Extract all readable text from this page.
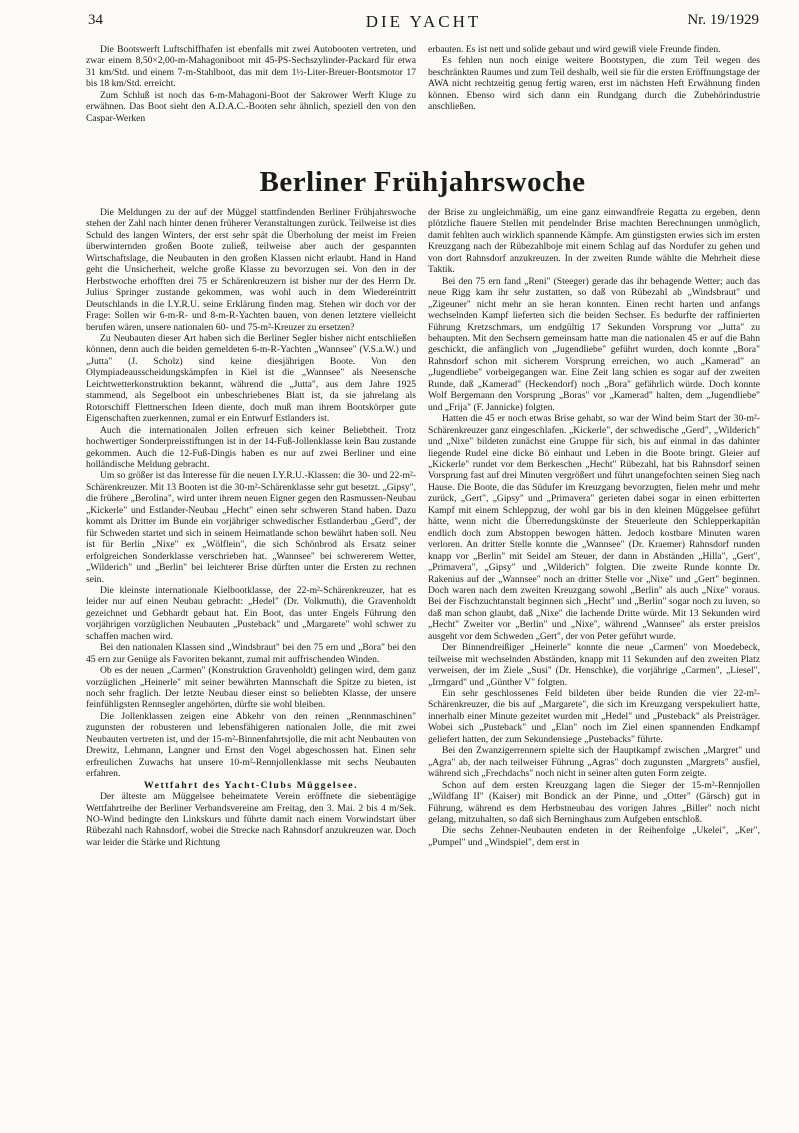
34	DIE YACHT	Nr. 19/1929

Die Bootswerft Luftschiffhafen ist ebenfalls mit zwei Autobooten vertreten, und zwar einem 8,50×2,00-m-Mahagoniboot mit 45-PS-Sechszylinder-Packard für etwa 31 km/Std. und einem 7-m-Stahlboot, das mit dem 1½-Liter-Breuer-Bootsmotor 17 bis 18 km/Std. erreicht.

Zum Schluß ist noch das 6-m-Mahagoni-Boot der Sakrower Werft Kluge zu erwähnen. Das Boot sieht den A.D.A.C.-Booten sehr ähnlich, speziell den von den Caspar-Werken

erbauten. Es ist nett und solide gebaut und wird gewiß viele Freunde finden.

Es fehlen nun noch einige weitere Bootstypen, die zum Teil wegen des beschränkten Raumes und zum Teil deshalb, weil sie für die ersten Eröffnungstage der AWA nicht rechtzeitig genug fertig waren, erst im nächsten Heft Erwähnung finden können. Ebenso wird sich dann ein Rundgang durch die Zubehörindustrie anschließen.

Berliner Frühjahrswoche

Die Meldungen zu der auf der Müggel stattfindenden Berliner Frühjahrswoche stehen der Zahl nach hinter denen früherer Veranstaltungen zurück. Teilweise ist dies Schuld des langen Winters, der erst sehr spät die Überholung der meist im Freien überwinternden großen Boote zuließ, teilweise aber auch der gespannten Wirtschaftslage, die Neubauten in den großen Klassen nicht erlaubt. Hand in Hand geht die Unsicherheit, welche große Klasse zu bevorzugen sei. Von den in der Herbstwoche erhofften drei 75 er Schärenkreuzern ist bisher nur der des Herrn Dr. Julius Springer zustande gekommen, was wohl auch in dem Wiedereintritt Deutschlands in die I.Y.R.U. seine Erklärung finden mag. Stehen wir doch vor der Frage: Sollen wir 6-m-R- und 8-m-R-Yachten bauen, von denen letztere vielleicht berufen wären, unsere nationalen 60- und 75-m²-Kreuzer zu ersetzen?

Zu Neubauten dieser Art haben sich die Berliner Segler bisher nicht entschließen können, denn auch die beiden gemeldeten 6-m-R-Yachten „Wannsee" (V.S.a.W.) und „Jutta" (J. Scholz) sind keine diesjährigen Boote. Von den Olympiadeausscheidungskämpfen in Kiel ist die „Wannsee" als Neesensche Leichtwetterkonstruktion bekannt, während die „Jutta", aus dem Jahre 1925 stammend, als Segelboot ein unbeschriebenes Blatt ist, da sie jahrelang als Rotorschiff Flettnerschen Ideen diente, doch muß man ihrem Bootskörper gute Eigenschaften zuerkennen, zumal er ein Entwurf Estlanders ist.

Auch die internationalen Jollen erfreuen sich keiner Beliebtheit. Trotz hochwertiger Sonderpreisstiftungen ist in der 14-Fuß-Jollenklasse kein Bau zustande gekommen. Auch die 12-Fuß-Dingis haben es nur auf zwei Berliner und eine holländische Meldung gebracht.

Um so größer ist das Interesse für die neuen I.Y.R.U.-Klassen: die 30- und 22-m²-Schärenkreuzer. Mit 13 Booten ist die 30-m²-Schärenklasse sehr gut besetzt. „Gipsy", die frühere „Berolina", wird unter ihrem neuen Eigner gegen den Rasmussen-Neubau „Kickerle" und Estlander-Neubau „Hecht" einen sehr schweren Stand haben. Dazu kommt als Dritter im Bunde ein vorjähriger schwedischer Estlanderbau „Gerd", der für Schweden startet und sich in seinem Heimatlande schon bewährt haben soll. Neu ist für Berlin „Nixe" ex „Wölflein", die sich Schönbrod als Ersatz seiner erfolgreichen Sonderklasse verschrieben hat. „Wannsee" bei schwererem Wetter, „Wilderich" und „Berlin" bei leichterer Brise dürften unter die Ersten zu rechnen sein.

Die kleinste internationale Kielbootklasse, der 22-m²-Schärenkreuzer, hat es leider nur auf einen Neubau gebracht: „Hedel" (Dr. Volkmuth), die Gravenholdt gezeichnet und Gebhardt gebaut hat. Ein Boot, das unter Engels Führung den vorjährigen vorzüglichen Neubauten „Pusteback" und „Margarete" wohl schwer zu schaffen machen wird.

Bei den nationalen Klassen sind „Windsbraut" bei den 75 ern und „Bora" bei den 45 ern zur Genüge als Favoriten bekannt, zumal mit auffrischenden Winden.

Ob es der neuen „Carmen" (Konstruktion Gravenholdt) gelingen wird, dem ganz vorzüglichen „Heinerle" mit seiner bewährten Mannschaft die Spitze zu bieten, ist noch sehr fraglich. Der letzte Neubau dieser einst so beliebten Klasse, der unsere feinfühligsten Rennsegler angehörten, dürfte sie wohl bleiben.

Die Jollenklassen zeigen eine Abkehr von den reinen „Rennmaschinen" zugunsten der robusteren und lebensfähigeren nationalen Jolle, die mit zwei Neubauten vertreten ist, und der 15-m²-Binnenfahrtsjolle, die mit acht Neubauten von Drewitz, Lehmann, Langner und Ernst den Vogel abgeschossen hat. Einen sehr erfreulichen Zuwachs hat unsere 10-m²-Rennjollenklasse mit sechs Neubauten erfahren.

Wettfahrt des Yacht-Clubs Müggelsee.

Der älteste am Müggelsee beheimatete Verein eröffnete die siebentägige Wettfahrtreihe der Berliner Verbandsvereine am Freitag, den 3. Mai. 2 bis 4 m/Sek. NO-Wind bedingte den Linkskurs und führte damit nach einem Vorwindstart über Rübezahl nach Rahnsdorf, wobei die Strecke nach Rahnsdorf anzukreuzen war. Doch war leider die Stärke und Richtung

der Brise zu ungleichmäßig, um eine ganz einwandfreie Regatta zu ergeben, denn plötzliche flauere Stellen mit pendelnder Brise machten Berechnungen unmöglich, damit fehlten auch wirklich spannende Kämpfe. Am günstigsten erwies sich im ersten Kreuzgang nach der Rübezahlboje mit einem Schlag auf das Nordufer zu gehen und von dort Rahnsdorf anzukreuzen. In der zweiten Runde wählte die Mehrheit diese Taktik.

Bei den 75 ern fand „Reni" (Steeger) gerade das ihr behagende Wetter; auch das neue Rigg kam ihr sehr zustatten, so daß von Rübezahl ab „Windsbraut" und „Zigeuner" nicht mehr an sie heran konnten. Einen recht harten und anfangs wechselnden Kampf lieferten sich die beiden Sechser. Es bedurfte der raffinierten Führung Kretzschmars, um endgültig 17 Sekunden Vorsprung vor „Jutta" zu behaupten. Mit den Sechsern gemeinsam hatte man die nationalen 45 er auf die Bahn geschickt, die anfänglich von „Jugendliebe" geführt wurden, doch konnte „Bora" Rahnsdorf schon mit sicherem Vorsprung erreichen, wo auch „Kamerad" an „Jugendliebe" vorbeigegangen war. Eine Zeit lang schien es sogar auf der zweiten Runde, daß „Kamerad" (Heckendorf) noch „Bora" gefährlich würde. Doch konnte Wolf Bergemann den Vorsprung „Boras" vor „Kamerad" halten, dem „Jugendliebe" und „Frija" (F. Jannicke) folgten.

Hatten die 45 er noch etwas Brise gehabt, so war der Wind beim Start der 30-m²-Schärenkreuzer ganz eingeschlafen. „Kickerle", der schwedische „Gerd", „Wilderich" und „Nixe" bildeten zunächst eine Gruppe für sich, bis auf einmal in das dahinter liegende Rudel eine dicke Bö einhaut und Leben in die Boote bringt. Gleier auf „Kickerle" rundet vor dem Berkeschen „Hecht" Rübezahl, hat bis Rahnsdorf seinen Vorsprung fast auf drei Minuten vergrößert und führt unangefochten seinen Sieg nach Hause. Die Boote, die das Südufer im Kreuzgang bevorzugten, fielen mehr und mehr zurück, „Gert", „Gipsy" und „Primavera" gerieten dabei sogar in einen erbitterten Kampf mit einem Schleppzug, der wohl gar bis in den kleinen Müggelsee geführt hätte, wenn nicht die Überredungskünste der Steuerleute den Schlepperkapitän endlich doch zum Abstoppen bewogen hätten. Jedoch kostbare Minuten waren verloren. An dritter Stelle konnte die „Wannsee" (Dr. Kraemer) Rahnsdorf runden knapp vor „Berlin" mit Seidel am Steuer, der dann in Abständen „Hilla", „Gert", „Primavera", „Gipsy" und „Wilderich" folgten. Die zweite Runde konnte Dr. Rakenius auf der „Wannsee" noch an dritter Stelle vor „Nixe" und „Gert" beginnen. Doch waren nach dem zweiten Kreuzgang sowohl „Berlin" als auch „Nixe" voraus. Bei der Fischzuchtanstalt beginnen sich „Hecht" und „Berlin" sogar noch zu luven, so daß man schon glaubt, daß „Nixe" die lachende Dritte würde. Mit 13 Sekunden wird „Hecht" Zweiter vor „Berlin" und „Nixe", während „Wannsee" als erster preislos ausgeht vor dem Schweden „Gert", der von Peter geführt wurde.

Der Binnendreißiger „Heinerle" konnte die neue „Carmen" von Moedebeck, teilweise mit wechselnden Abständen, knapp mit 11 Sekunden auf den zweiten Platz verweisen, der im Ziele „Susi" (Dr. Henschke), die vorjährige „Carmen", „Liesel", „Irmgard" und „Günther V" folgten.

Ein sehr geschlossenes Feld bildeten über beide Runden die vier 22-m²-Schärenkreuzer, die bis auf „Margarete", die sich im Kreuzgang verspekuliert hatte, innerhalb einer Minute gezeitet wurden mit „Hedel" und „Pusteback" als Preisträger. Wobei sich „Pusteback" und „Elan" noch im Ziel einen spannenden Endkampf geliefert hatten, der zum Sekundensiege „Pustebacks" führte.

Bei den Zwanzigerrennern spielte sich der Hauptkampf zwischen „Margret" und „Agra" ab, der nach teilweiser Führung „Agras" doch zugunsten „Margrets" ausfiel, während sich „Frechdachs" noch nicht in seiner alten guten Form zeigte.

Schon auf dem ersten Kreuzgang lagen die Sieger der 15-m²-Rennjollen „Wildfang II" (Kaiser) mit Bondick an der Pinne, und „Otter" (Gärsch) gut in Führung, während es dem Herbstneubau des vorigen Jahres „Biller" noch nicht gelang, mitzuhalten, so daß sich Berninghaus zum Aufgeben entschloß.

Die sechs Zehner-Neubauten endeten in der Reihenfolge „Ukelei", „Ker", „Pumpel" und „Windspiel", dem erst in
